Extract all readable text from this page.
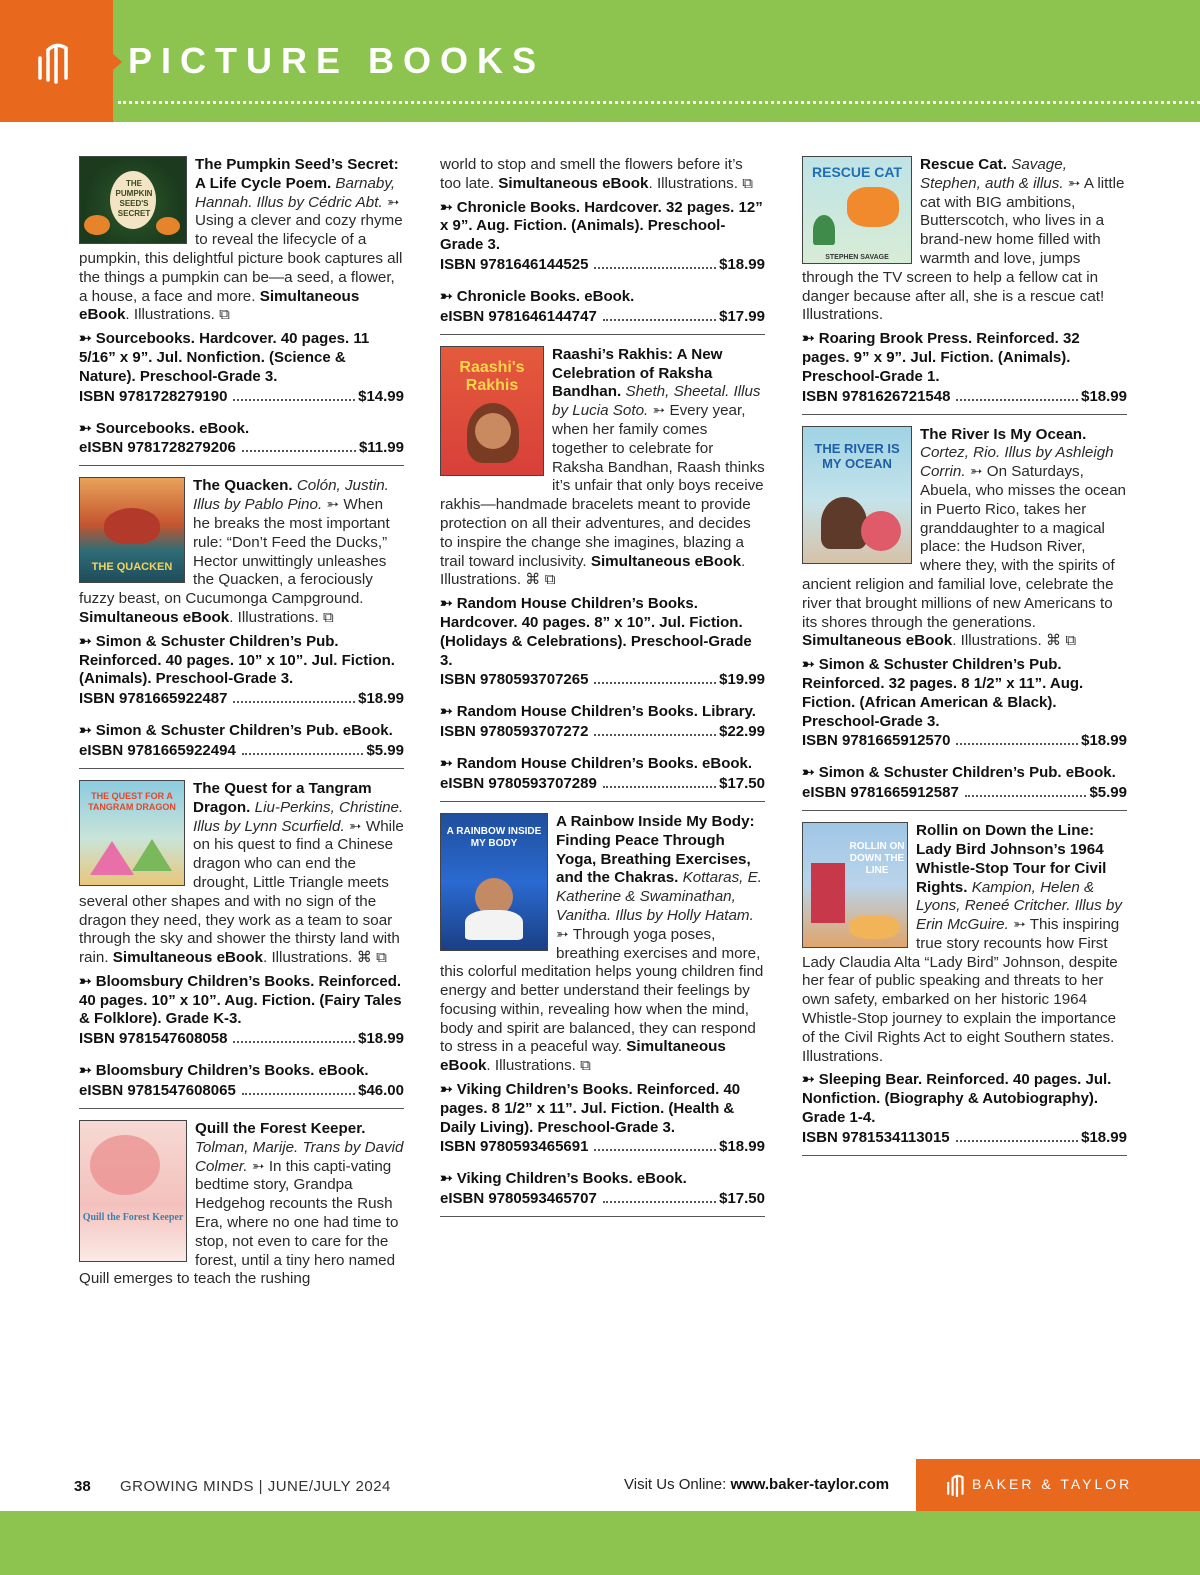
PICTURE BOOKS
THE PUMPKIN SEED'S SECRET
The Pumpkin Seed’s Secret: A Life Cycle Poem. Barnaby, Hannah. Illus by Cédric Abt. ➳ Using a clever and cozy rhyme to reveal the lifecycle of a pumpkin, this delightful picture book captures all the things a pumpkin can be—a seed, a flower, a house, a face and more. Simultaneous eBook. Illustrations. ⧉
➳ Sourcebooks. Hardcover. 40 pages. 11 5/16” x 9”. Jul. Nonfiction. (Science & Nature). Preschool-Grade 3.
ISBN 9781728279190	$14.99
➳ Sourcebooks. eBook.
eISBN 9781728279206	$11.99
THE QUACKEN
The Quacken. Colón, Justin. Illus by Pablo Pino. ➳ When he breaks the most important rule: “Don’t Feed the Ducks,” Hector unwittingly unleashes the Quacken, a ferociously fuzzy beast, on Cucumonga Campground. Simultaneous eBook. Illustrations. ⧉
➳ Simon & Schuster Children’s Pub. Reinforced. 40 pages. 10” x 10”. Jul. Fiction. (Animals). Preschool-Grade 3.
ISBN 9781665922487	$18.99
➳ Simon & Schuster Children’s Pub. eBook.
eISBN 9781665922494	$5.99
THE QUEST FOR A TANGRAM DRAGON
The Quest for a Tangram Dragon. Liu-Perkins, Christine. Illus by Lynn Scurfield. ➳ While on his quest to find a Chinese dragon who can end the drought, Little Triangle meets several other shapes and with no sign of the dragon they need, they work as a team to soar through the sky and shower the thirsty land with rain. Simultaneous eBook. Illustrations. ⌘ ⧉
➳ Bloomsbury Children’s Books. Reinforced. 40 pages. 10” x 10”. Aug. Fiction. (Fairy Tales & Folklore). Grade K-3.
ISBN 9781547608058	$18.99
➳ Bloomsbury Children’s Books. eBook.
eISBN 9781547608065	$46.00
Quill the Forest Keeper
Quill the Forest Keeper. Tolman, Marije. Trans by David Colmer. ➳ In this capti-vating bedtime story, Grandpa Hedgehog recounts the Rush Era, where no one had time to stop, not even to care for the forest, until a tiny hero named Quill emerges to teach the rushing
world to stop and smell the flowers before it’s too late. Simultaneous eBook. Illustrations. ⧉
➳ Chronicle Books. Hardcover. 32 pages. 12” x 9”. Aug. Fiction. (Animals). Preschool-Grade 3.
ISBN 9781646144525	$18.99
➳ Chronicle Books. eBook.
eISBN 9781646144747	$17.99
Raashi's Rakhis
Raashi’s Rakhis: A New Celebration of Raksha Bandhan. Sheth, Sheetal. Illus by Lucia Soto. ➳ Every year, when her family comes together to celebrate for Raksha Bandhan, Raash thinks it’s unfair that only boys receive rakhis—handmade bracelets meant to provide protection on all their adventures, and decides to inspire the change she imagines, blazing a trail toward inclusivity. Simultaneous eBook. Illustrations. ⌘ ⧉
➳ Random House Children’s Books. Hardcover. 40 pages. 8” x 10”. Jul. Fiction. (Holidays & Celebrations). Preschool-Grade 3.
ISBN 9780593707265	$19.99
➳ Random House Children’s Books. Library.
ISBN 9780593707272	$22.99
➳ Random House Children’s Books. eBook.
eISBN 9780593707289	$17.50
A RAINBOW INSIDE MY BODY
A Rainbow Inside My Body: Finding Peace Through Yoga, Breathing Exercises, and the Chakras. Kottaras, E. Katherine & Swaminathan, Vanitha. Illus by Holly Hatam. ➳ Through yoga poses, breathing exercises and more, this colorful meditation helps young children find energy and better understand their feelings by focusing within, revealing how when the mind, body and spirit are balanced, they can respond to stress in a peaceful way. Simultaneous eBook. Illustrations. ⧉
➳ Viking Children’s Books. Reinforced. 40 pages. 8 1/2” x 11”. Jul. Fiction. (Health & Daily Living). Preschool-Grade 3.
ISBN 9780593465691	$18.99
➳ Viking Children’s Books. eBook.
eISBN 9780593465707	$17.50
RESCUE CAT
STEPHEN SAVAGE
Rescue Cat. Savage, Stephen, auth & illus. ➳ A little cat with BIG ambitions, Butterscotch, who lives in a brand-new home filled with warmth and love, jumps through the TV screen to help a fellow cat in danger because after all, she is a rescue cat! Illustrations.
➳ Roaring Brook Press. Reinforced. 32 pages. 9” x 9”. Jul. Fiction. (Animals). Preschool-Grade 1.
ISBN 9781626721548	$18.99
THE RIVER IS MY OCEAN
The River Is My Ocean. Cortez, Rio. Illus by Ashleigh Corrin. ➳ On Saturdays, Abuela, who misses the ocean in Puerto Rico, takes her granddaughter to a magical place: the Hudson River, where they, with the spirits of ancient religion and familial love, celebrate the river that brought millions of new Americans to its shores through the generations. Simultaneous eBook. Illustrations. ⌘ ⧉
➳ Simon & Schuster Children’s Pub. Reinforced. 32 pages. 8 1/2” x 11”. Aug. Fiction. (African American & Black). Preschool-Grade 3.
ISBN 9781665912570	$18.99
➳ Simon & Schuster Children’s Pub. eBook.
eISBN 9781665912587	$5.99
ROLLIN ON DOWN THE LINE
Rollin on Down the Line: Lady Bird Johnson’s 1964 Whistle-Stop Tour for Civil Rights. Kampion, Helen & Lyons, Reneé Critcher. Illus by Erin McGuire. ➳ This inspiring true story recounts how First Lady Claudia Alta “Lady Bird” Johnson, despite her fear of public speaking and threats to her own safety, embarked on her historic 1964 Whistle-Stop journey to explain the importance of the Civil Rights Act to eight Southern states. Illustrations.
➳ Sleeping Bear. Reinforced. 40 pages. Jul. Nonfiction. (Biography & Autobiography). Grade 1-4.
ISBN 9781534113015	$18.99
38 GROWING MINDS | JUNE/JULY 2024	Visit Us Online: www.baker-taylor.com	BAKER & TAYLOR
